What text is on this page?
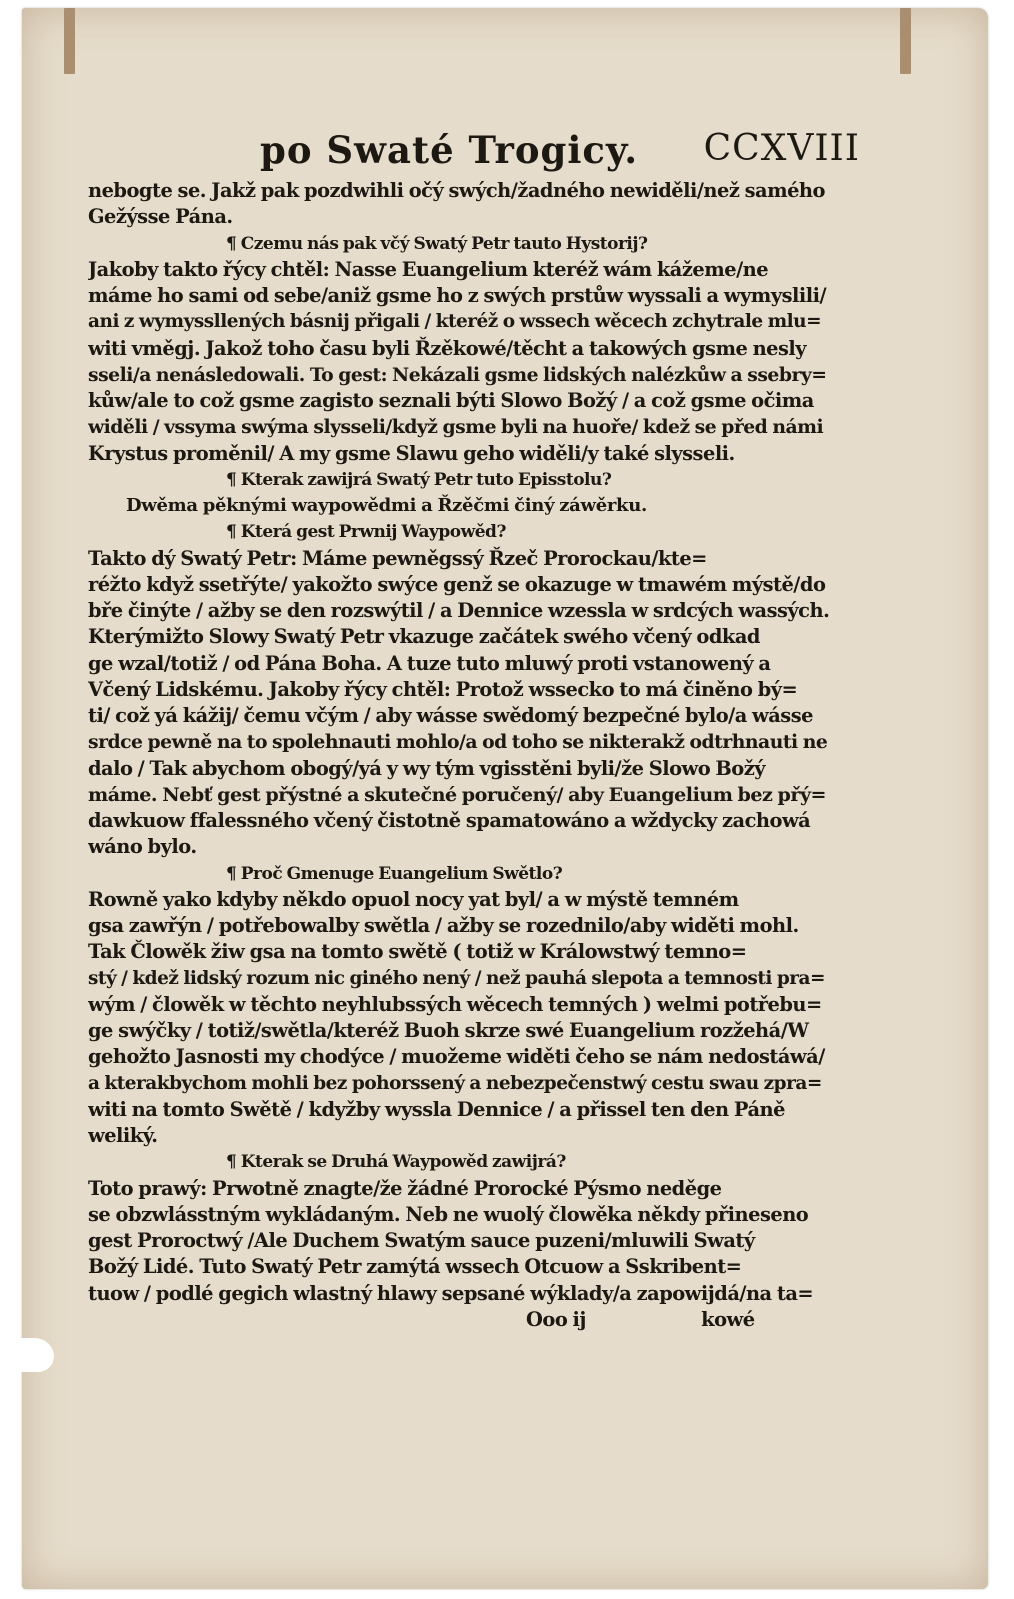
po Swaté Trogicy. CCXVIII
nebogte se. Jakž pak pozdwihli očý swých/žadného newiděli/než samého
Gežýsse Pána.
¶ Czemu nás pak včý Swatý Petr tauto Hystorij?
Jakoby takto řýcy chtěl: Nasse Euangelium kteréž wám kážeme/ne
máme ho sami od sebe/aniž gsme ho z swých prstůw wyssali a wymyslili/
ani z wymyssllených básnij přigali / kteréž o wssech wěcech zchytrale mlu=
witi vměgj. Jakož toho času byli Řzěkowé/těcht a takowých gsme nesly
sseli/a nenásledowali. To gest: Nekázali gsme lidských nalézkůw a ssebry=
kůw/ale to což gsme zagisto seznali býti Slowo Božý / a což gsme očima
widěli / vssyma swýma slysseli/když gsme byli na huoře/ kdež se před námi
Krystus proměnil/ A my gsme Slawu geho widěli/y také slysseli.
¶ Kterak zawijrá Swatý Petr tuto Episstolu?
Dwěma pěknými waypowědmi a Řzěčmi činý záwěrku.
¶ Která gest Prwnij Waypowěd?
Takto dý Swatý Petr: Máme pewněgssý Řzeč Prorockau/kte=
réžto když ssetřýte/ yakožto swýce genž se okazuge w tmawém mýstě/do
bře činýte / ažby se den rozswýtil / a Dennice wzessla w srdcých wassých.
Kterýmižto Slowy Swatý Petr vkazuge začátek swého včený odkad
ge wzal/totiž / od Pána Boha. A tuze tuto mluwý proti vstanowený a
Včený Lidskému. Jakoby řýcy chtěl: Protož wssecko to má činěno bý=
ti/ což yá kážij/ čemu včým / aby wásse swědomý bezpečné bylo/a wásse
srdce pewně na to spolehnauti mohlo/a od toho se nikterakž odtrhnauti ne
dalo / Tak abychom obogý/yá y wy tým vgisstěni byli/že Slowo Božý
máme. Nebť gest přýstné a skutečné poručený/ aby Euangelium bez přý=
dawkuow ffalessného včený čistotně spamatowáno a wždycky zachowá
wáno bylo.
¶ Proč Gmenuge Euangelium Swětlo?
Rowně yako kdyby někdo opuol nocy yat byl/ a w mýstě temném
gsa zawřýn / potřebowalby swětla / ažby se rozednilo/aby widěti mohl.
Tak Člowěk žiw gsa na tomto swětě ( totiž w Králowstwý temno=
stý / kdež lidský rozum nic giného nený / než pauhá slepota a temnosti pra=
wým / člowěk w těchto neyhlubssých wěcech temných ) welmi potřebu=
ge swýčky / totiž/swětla/kteréž Buoh skrze swé Euangelium rozžehá/W
gehožto Jasnosti my chodýce / muožeme widěti čeho se nám nedostáwá/
a kterakbychom mohli bez pohorssený a nebezpečenstwý cestu swau zpra=
witi na tomto Swětě / kdyžby wyssla Dennice / a přissel ten den Páně
weliký.
¶ Kterak se Druhá Waypowěd zawijrá?
Toto prawý: Prwotně znagte/že žádné Prorocké Pýsmo neděge
se obzwlásstným wykládaným. Neb ne wuolý člowěka někdy přineseno
gest Proroctwý /Ale Duchem Swatým sauce puzeni/mluwili Swatý
Božý Lidé. Tuto Swatý Petr zamýtá wssech Otcuow a Sskribent=
tuow / podlé gegich wlastný hlawy sepsané wýklady/a zapowijdá/na ta=
Ooo ij	kowé
